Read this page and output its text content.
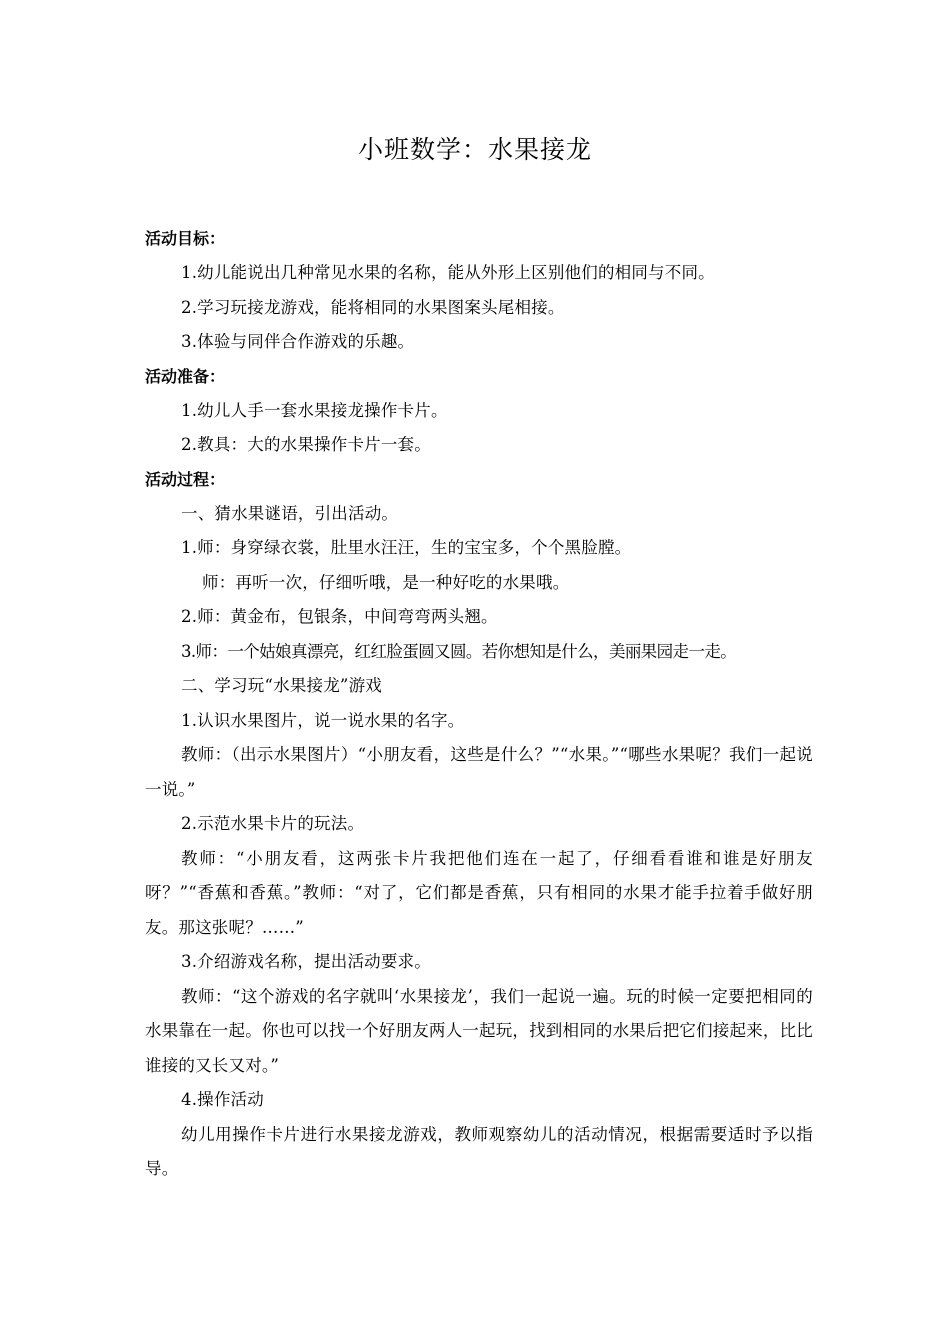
小班数学：水果接龙
活动目标：
1.幼儿能说出几种常见水果的名称，能从外形上区别他们的相同与不同。
2.学习玩接龙游戏，能将相同的水果图案头尾相接。
3.体验与同伴合作游戏的乐趣。
活动准备：
1.幼儿人手一套水果接龙操作卡片。
2.教具：大的水果操作卡片一套。
活动过程：
一、猜水果谜语，引出活动。
1.师：身穿绿衣裳，肚里水汪汪，生的宝宝多，个个黑脸膛。
师：再听一次，仔细听哦，是一种好吃的水果哦。
2.师：黄金布，包银条，中间弯弯两头翘。
3.师：一个姑娘真漂亮，红红脸蛋圆又圆。若你想知是什么，美丽果园走一走。
二、学习玩“水果接龙”游戏
1.认识水果图片，说一说水果的名字。
教师：（出示水果图片）“小朋友看，这些是什么？”“水果。”“哪些水果呢？我们一起说一说。”
2.示范水果卡片的玩法。
教师：“小朋友看，这两张卡片我把他们连在一起了，仔细看看谁和谁是好朋友呀？”“香蕉和香蕉。”教师：“对了，它们都是香蕉，只有相同的水果才能手拉着手做好朋友。那这张呢？……”
3.介绍游戏名称，提出活动要求。
教师：“这个游戏的名字就叫‘水果接龙’，我们一起说一遍。玩的时候一定要把相同的水果靠在一起。你也可以找一个好朋友两人一起玩，找到相同的水果后把它们接起来，比比谁接的又长又对。”
4.操作活动
幼儿用操作卡片进行水果接龙游戏，教师观察幼儿的活动情况，根据需要适时予以指导。
